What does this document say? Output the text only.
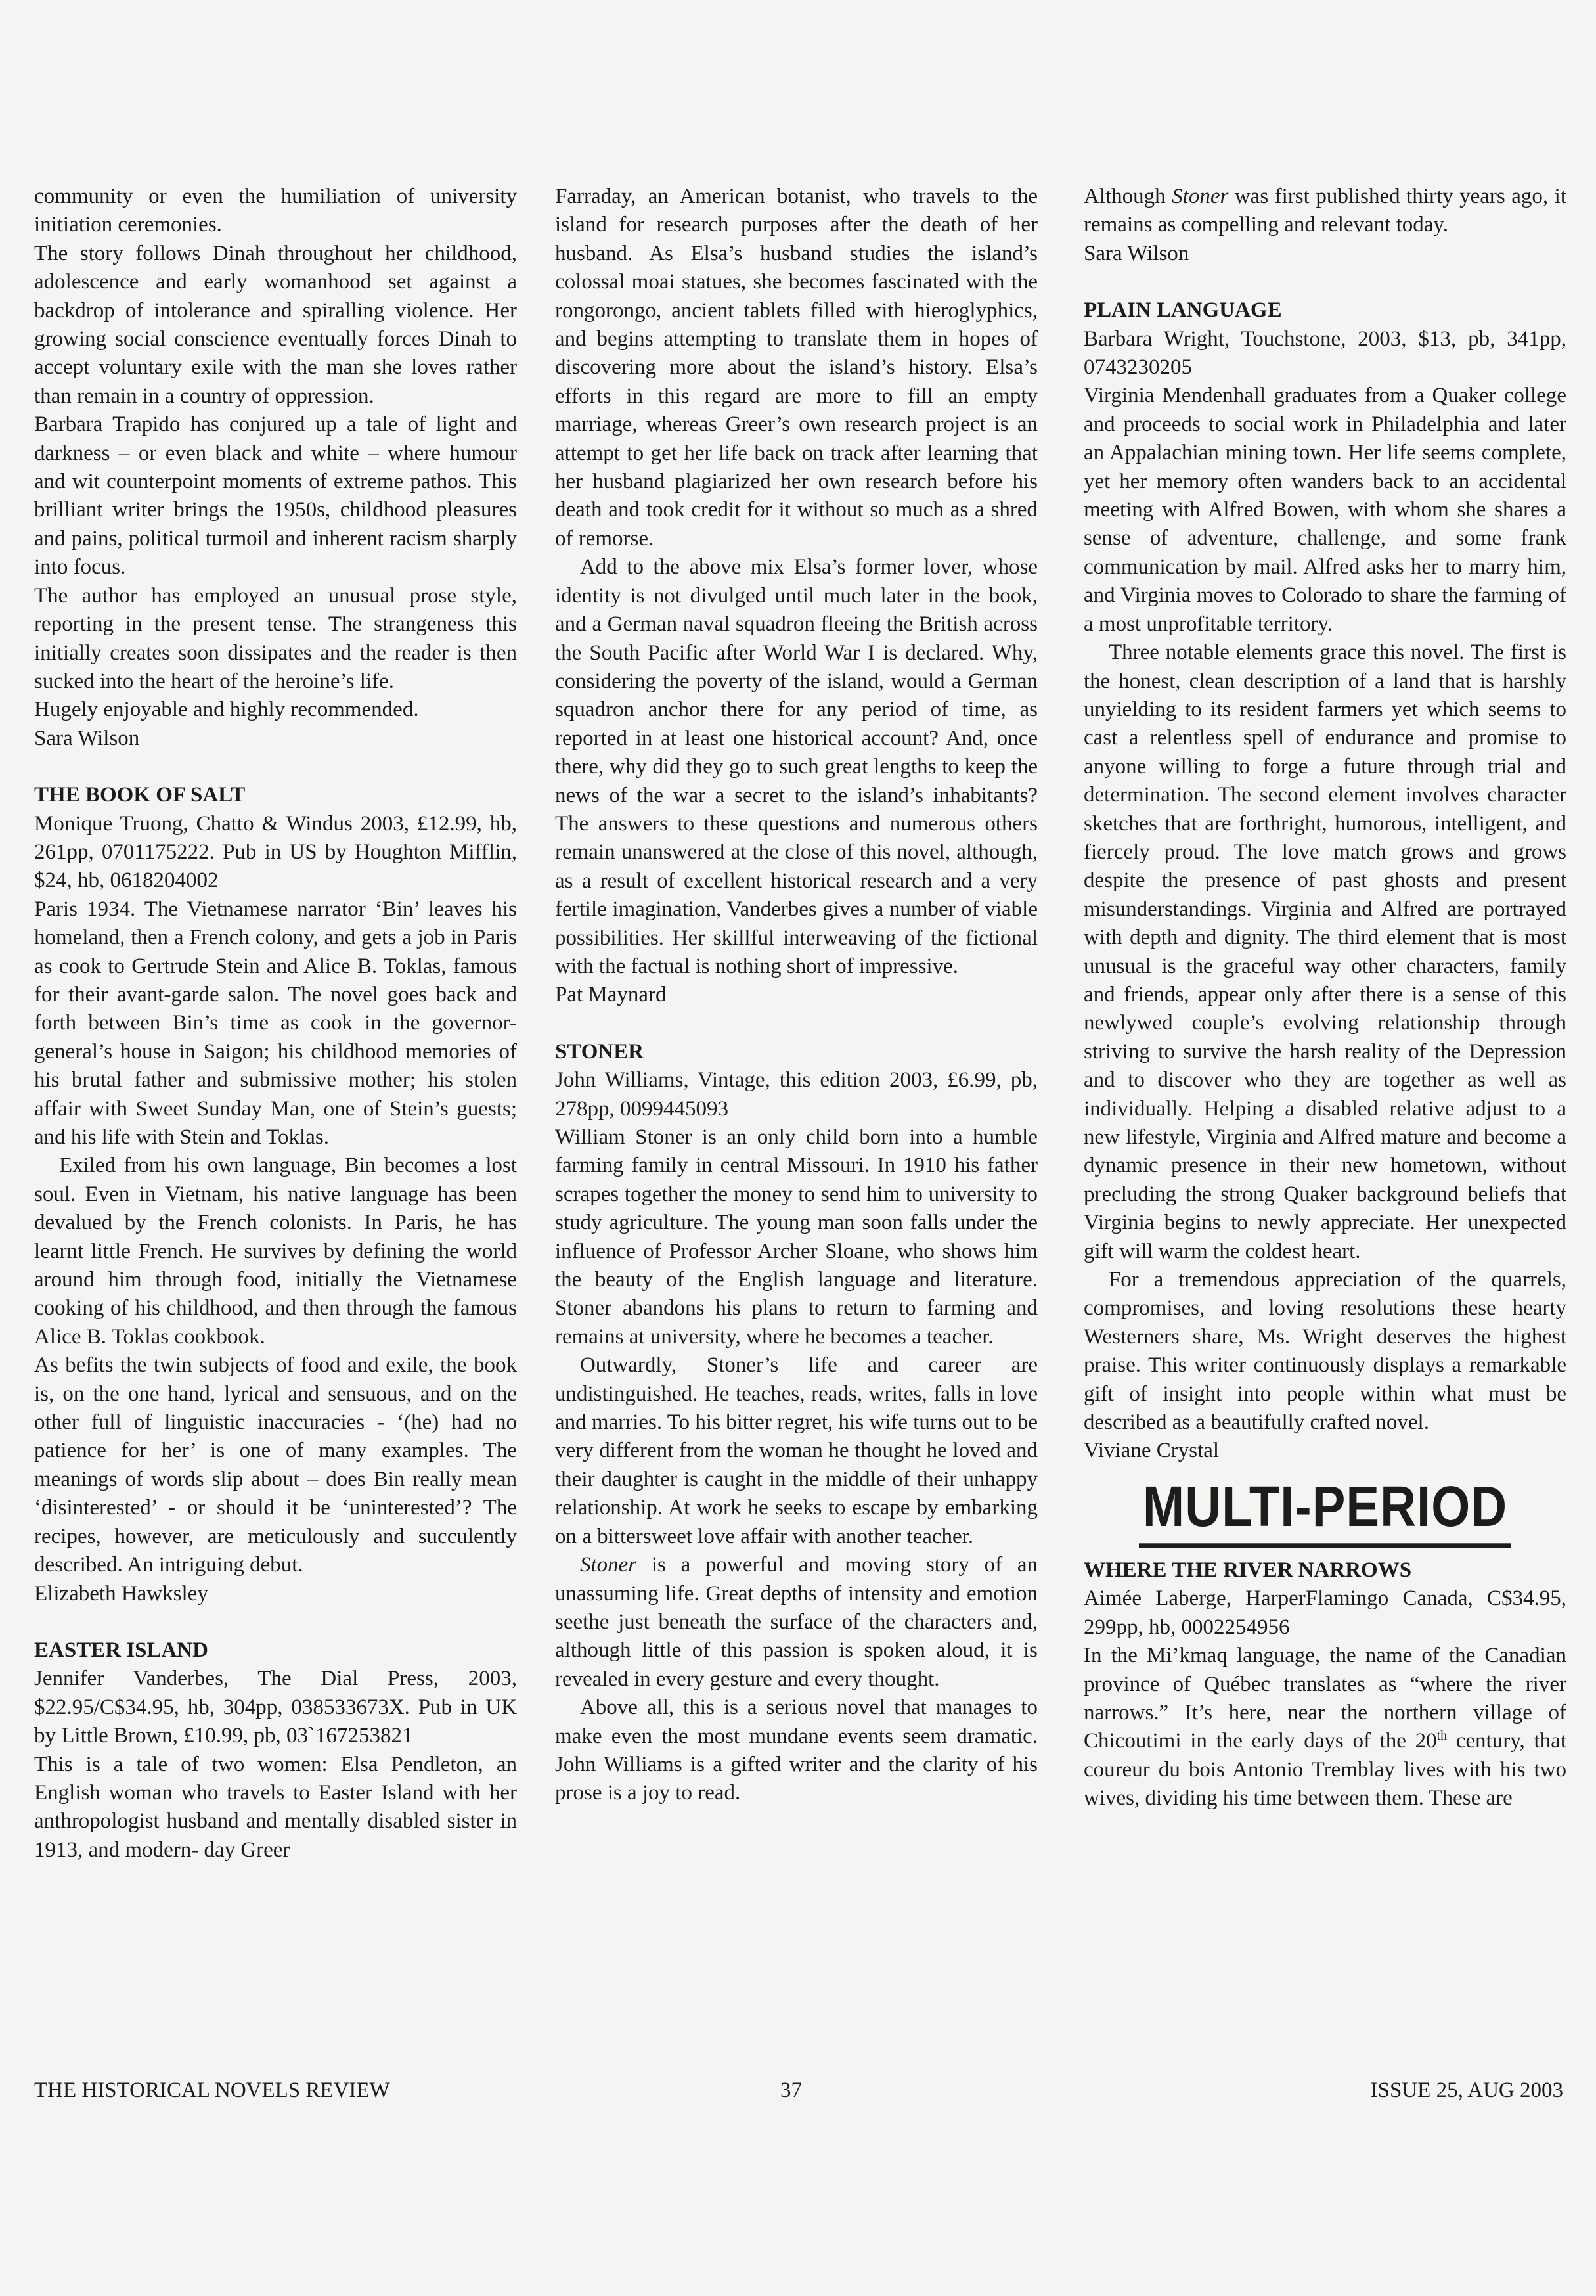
community or even the humiliation of university initiation ceremonies.

The story follows Dinah throughout her childhood, adolescence and early womanhood set against a backdrop of intolerance and spiralling violence. Her growing social conscience eventually forces Dinah to accept voluntary exile with the man she loves rather than remain in a country of oppression.

Barbara Trapido has conjured up a tale of light and darkness – or even black and white – where humour and wit counterpoint moments of extreme pathos. This brilliant writer brings the 1950s, childhood pleasures and pains, political turmoil and inherent racism sharply into focus.

The author has employed an unusual prose style, reporting in the present tense. The strangeness this initially creates soon dissipates and the reader is then sucked into the heart of the heroine’s life.

Hugely enjoyable and highly recommended.

Sara Wilson

THE BOOK OF SALT

Monique Truong, Chatto & Windus 2003, £12.99, hb, 261pp, 0701175222. Pub in US by Houghton Mifflin, $24, hb, 0618204002

Paris 1934. The Vietnamese narrator ‘Bin’ leaves his homeland, then a French colony, and gets a job in Paris as cook to Gertrude Stein and Alice B. Toklas, famous for their avant-garde salon. The novel goes back and forth between Bin’s time as cook in the governor-general’s house in Saigon; his childhood memories of his brutal father and submissive mother; his stolen affair with Sweet Sunday Man, one of Stein’s guests; and his life with Stein and Toklas.

Exiled from his own language, Bin becomes a lost soul. Even in Vietnam, his native language has been devalued by the French colonists. In Paris, he has learnt little French. He survives by defining the world around him through food, initially the Vietnamese cooking of his childhood, and then through the famous Alice B. Toklas cookbook.

As befits the twin subjects of food and exile, the book is, on the one hand, lyrical and sensuous, and on the other full of linguistic inaccuracies - ‘(he) had no patience for her’ is one of many examples. The meanings of words slip about – does Bin really mean ‘disinterested’ - or should it be ‘uninterested’? The recipes, however, are meticulously and succulently described. An intriguing debut.

Elizabeth Hawksley

EASTER ISLAND

Jennifer Vanderbes, The Dial Press, 2003, $22.95/C$34.95, hb, 304pp, 038533673X. Pub in UK by Little Brown, £10.99, pb, 03`167253821

This is a tale of two women: Elsa Pendleton, an English woman who travels to Easter Island with her anthropologist husband and mentally disabled sister in 1913, and modern- day Greer

Farraday, an American botanist, who travels to the island for research purposes after the death of her husband. As Elsa’s husband studies the island’s colossal moai statues, she becomes fascinated with the rongorongo, ancient tablets filled with hieroglyphics, and begins attempting to translate them in hopes of discovering more about the island’s history. Elsa’s efforts in this regard are more to fill an empty marriage, whereas Greer’s own research project is an attempt to get her life back on track after learning that her husband plagiarized her own research before his death and took credit for it without so much as a shred of remorse.

Add to the above mix Elsa’s former lover, whose identity is not divulged until much later in the book, and a German naval squadron fleeing the British across the South Pacific after World War I is declared. Why, considering the poverty of the island, would a German squadron anchor there for any period of time, as reported in at least one historical account? And, once there, why did they go to such great lengths to keep the news of the war a secret to the island’s inhabitants? The answers to these questions and numerous others remain unanswered at the close of this novel, although, as a result of excellent historical research and a very fertile imagination, Vanderbes gives a number of viable possibilities. Her skillful interweaving of the fictional with the factual is nothing short of impressive.

Pat Maynard

STONER

John Williams, Vintage, this edition 2003, £6.99, pb, 278pp, 0099445093

William Stoner is an only child born into a humble farming family in central Missouri. In 1910 his father scrapes together the money to send him to university to study agriculture. The young man soon falls under the influence of Professor Archer Sloane, who shows him the beauty of the English language and literature. Stoner abandons his plans to return to farming and remains at university, where he becomes a teacher.

Outwardly, Stoner’s life and career are undistinguished. He teaches, reads, writes, falls in love and marries. To his bitter regret, his wife turns out to be very different from the woman he thought he loved and their daughter is caught in the middle of their unhappy relationship. At work he seeks to escape by embarking on a bittersweet love affair with another teacher.

Stoner is a powerful and moving story of an unassuming life. Great depths of intensity and emotion seethe just beneath the surface of the characters and, although little of this passion is spoken aloud, it is revealed in every gesture and every thought.

Above all, this is a serious novel that manages to make even the most mundane events seem dramatic. John Williams is a gifted writer and the clarity of his prose is a joy to read.

Although Stoner was first published thirty years ago, it remains as compelling and relevant today.

Sara Wilson

PLAIN LANGUAGE

Barbara Wright, Touchstone, 2003, $13, pb, 341pp, 0743230205

Virginia Mendenhall graduates from a Quaker college and proceeds to social work in Philadelphia and later an Appalachian mining town. Her life seems complete, yet her memory often wanders back to an accidental meeting with Alfred Bowen, with whom she shares a sense of adventure, challenge, and some frank communication by mail. Alfred asks her to marry him, and Virginia moves to Colorado to share the farming of a most unprofitable territory.

Three notable elements grace this novel. The first is the honest, clean description of a land that is harshly unyielding to its resident farmers yet which seems to cast a relentless spell of endurance and promise to anyone willing to forge a future through trial and determination. The second element involves character sketches that are forthright, humorous, intelligent, and fiercely proud. The love match grows and grows despite the presence of past ghosts and present misunderstandings. Virginia and Alfred are portrayed with depth and dignity. The third element that is most unusual is the graceful way other characters, family and friends, appear only after there is a sense of this newlywed couple’s evolving relationship through striving to survive the harsh reality of the Depression and to discover who they are together as well as individually. Helping a disabled relative adjust to a new lifestyle, Virginia and Alfred mature and become a dynamic presence in their new hometown, without precluding the strong Quaker background beliefs that Virginia begins to newly appreciate. Her unexpected gift will warm the coldest heart.

For a tremendous appreciation of the quarrels, compromises, and loving resolutions these hearty Westerners share, Ms. Wright deserves the highest praise. This writer continuously displays a remarkable gift of insight into people within what must be described as a beautifully crafted novel.

Viviane Crystal

MULTI-PERIOD
WHERE THE RIVER NARROWS

Aimée Laberge, HarperFlamingo Canada, C$34.95, 299pp, hb, 0002254956

In the Mi’kmaq language, the name of the Canadian province of Québec translates as “where the river narrows.” It’s here, near the northern village of Chicoutimi in the early days of the 20th century, that coureur du bois Antonio Tremblay lives with his two wives, dividing his time between them. These are

THE HISTORICAL NOVELS REVIEW	37	ISSUE 25, AUG 2003
